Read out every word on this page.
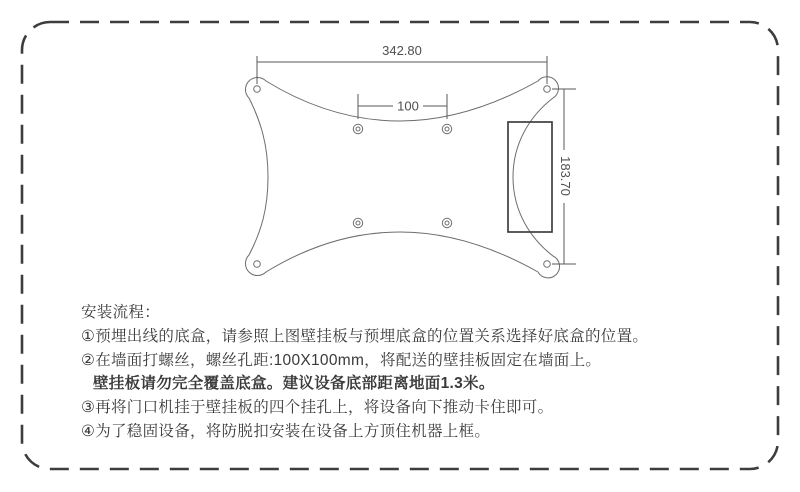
342.80
100
183.70
安装流程：
①预埋出线的底盒，请参照上图壁挂板与预埋底盒的位置关系选择好底盒的位置。
②在墙面打螺丝，螺丝孔距:100X100mm，将配送的壁挂板固定在墙面上。
壁挂板请勿完全覆盖底盒。建议设备底部距离地面1.3米。
③再将门口机挂于壁挂板的四个挂孔上，将设备向下推动卡住即可。
④为了稳固设备，将防脱扣安装在设备上方顶住机器上框。
